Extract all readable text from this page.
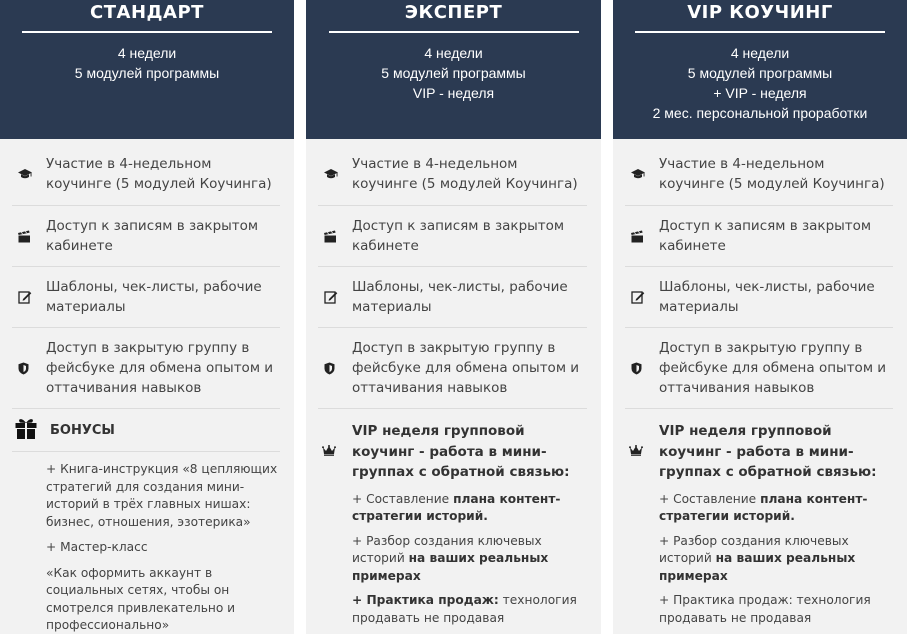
СТАНДАРТ
4 недели
5 модулей программы
Участие в 4-недельном коучинге (5 модулей Коучинга)
Доступ к записям в закрытом кабинете
Шаблоны, чек-листы, рабочие материалы
Доступ в закрытую группу в фейсбуке для обмена опытом и оттачивания навыков
БОНУСЫ

+ Книга-инструкция «8 цепляющих стратегий для создания мини-историй в трёх главных нишах: бизнес, отношения, эзотерика»

+ Мастер-класс

«Как оформить аккаунт в социальных сетях, чтобы он смотрелся привлекательно и профессионально»

ЭКСПЕРТ
4 недели
5 модулей программы
VIP - неделя
Участие в 4-недельном коучинге (5 модулей Коучинга)
Доступ к записям в закрытом кабинете
Шаблоны, чек-листы, рабочие материалы
Доступ в закрытую группу в фейсбуке для обмена опытом и оттачивания навыков
VIP неделя групповой коучинг - работа в мини-группах с обратной связью:

+ Составление плана контент-стратегии историй.

+ Разбор создания ключевых историй на ваших реальных примерах

+ Практика продаж: технология продавать не продавая

VIP КОУЧИНГ
4 недели
5 модулей программы
+ VIP - неделя
2 мес. персональной проработки
Участие в 4-недельном коучинге (5 модулей Коучинга)
Доступ к записям в закрытом кабинете
Шаблоны, чек-листы, рабочие материалы
Доступ в закрытую группу в фейсбуке для обмена опытом и оттачивания навыков
VIP неделя групповой коучинг - работа в мини-группах с обратной связью:

+ Составление плана контент-стратегии историй.

+ Разбор создания ключевых историй на ваших реальных примерах

+ Практика продаж: технология продавать не продавая
